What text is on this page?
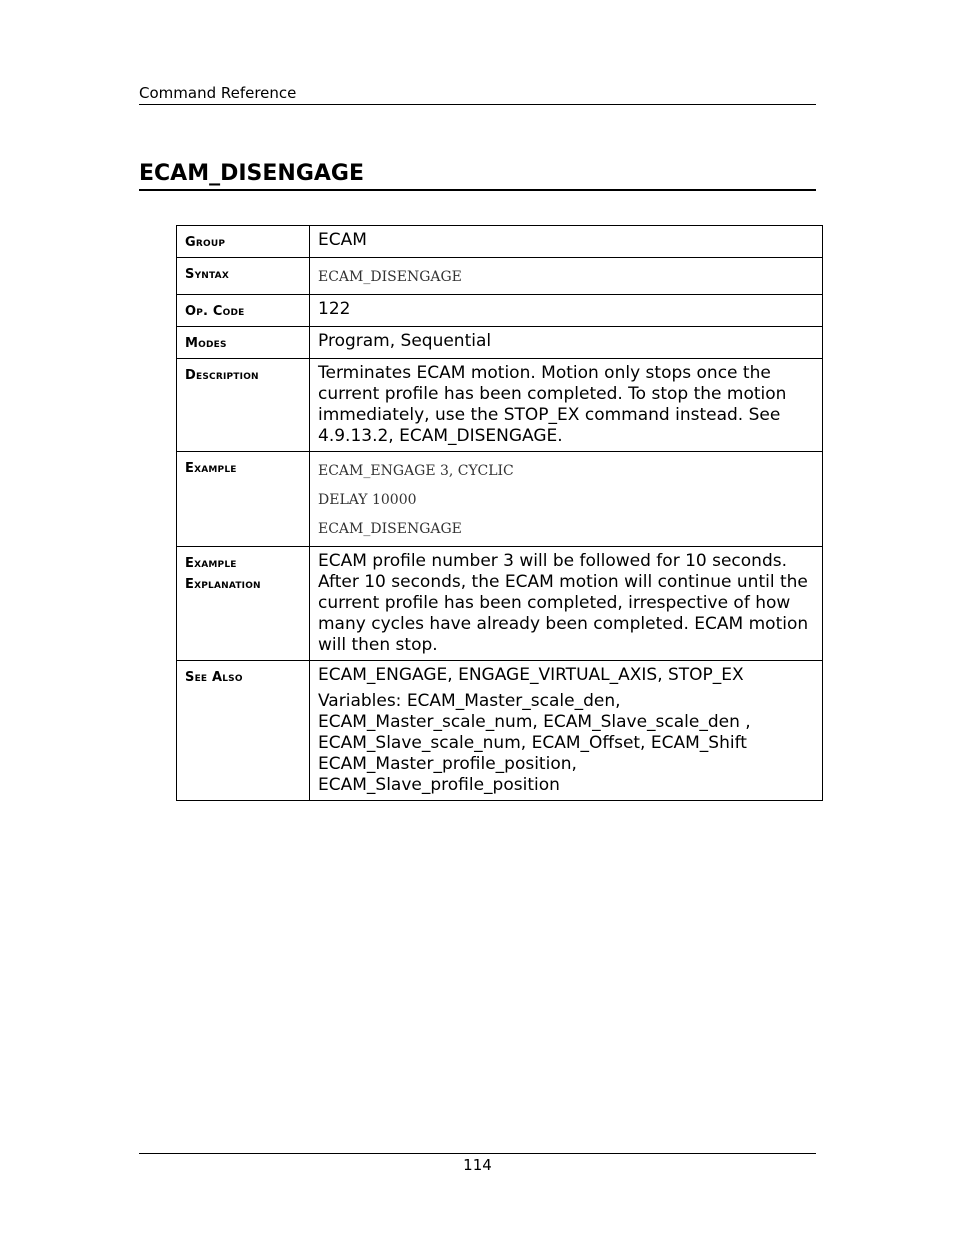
Command Reference
ECAM_DISENGAGE
Group	ECAM

Syntax	ECAM_DISENGAGE

Op. Code	122

Modes	Program, Sequential

Description	Terminates ECAM motion. Motion only stops once the current profile has been completed. To stop the motion immediately, use the STOP_EX command instead. See 4.9.13.2, ECAM_DISENGAGE.

Example	ECAM_ENGAGE 3, CYCLIC
DELAY 10000
ECAM_DISENGAGE

Example Explanation	ECAM profile number 3 will be followed for 10 seconds. After 10 seconds, the ECAM motion will continue until the current profile has been completed, irrespective of how many cycles have already been completed. ECAM motion will then stop.

See Also	ECAM_ENGAGE, ENGAGE_VIRTUAL_AXIS, STOP_EX
Variables: ECAM_Master_scale_den, ECAM_Master_scale_num, ECAM_Slave_scale_den , ECAM_Slave_scale_num, ECAM_Offset, ECAM_Shift ECAM_Master_profile_position, ECAM_Slave_profile_position
114
